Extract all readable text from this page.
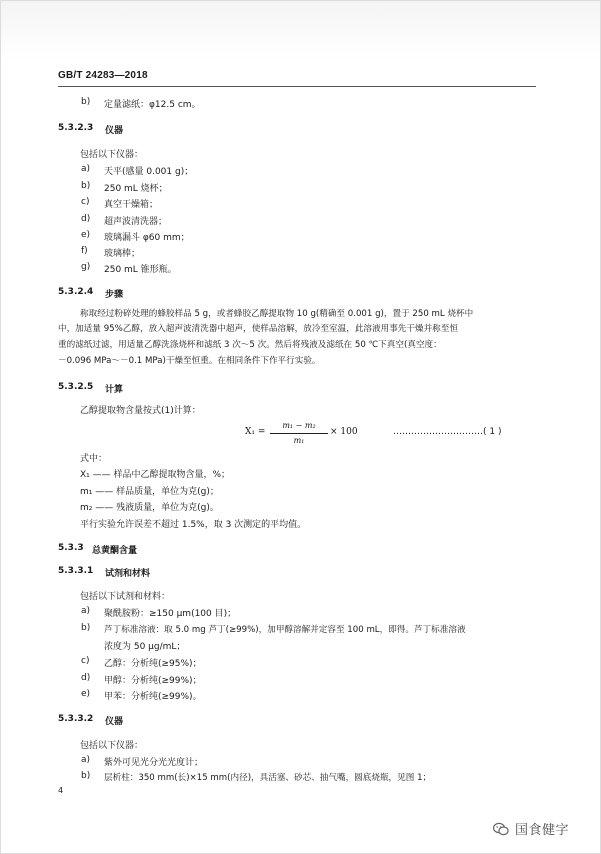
GB/T 24283—2018
b) 定量滤纸：φ12.5 cm。
5.3.2.3 仪器
包括以下仪器：
a) 天平(感量 0.001 g)；
b) 250 mL 烧杯；
c) 真空干燥箱；
d) 超声波清洗器；
e) 玻璃漏斗 φ60 mm；
f) 玻璃棒；
g) 250 mL 锥形瓶。
5.3.2.4 步骤
称取经过粉碎处理的蜂胶样品 5 g，或者蜂胶乙醇提取物 10 g(精确至 0.001 g)，置于 250 mL 烧杯中
中，加适量 95%乙醇，放入超声波清洗器中超声，使样品溶解，放冷至室温，此溶液用事先干燥并称至恒
重的滤纸过滤，用适量乙醇洗涤烧杯和滤纸 3 次～5 次。然后将残液及滤纸在 50 ℃下真空(真空度：
－0.096 MPa～－0.1 MPa)干燥至恒重。在相同条件下作平行实验。
5.3.2.5 计算
乙醇提取物含量按式(1)计算：
X₁ =
m₁ − m₂
m₁
× 100	…………………………( 1 )
式中：
X₁ —— 样品中乙醇提取物含量，%；
m₁ —— 样品质量，单位为克(g)；
m₂ —— 残液质量，单位为克(g)。
平行实验允许误差不超过 1.5%，取 3 次测定的平均值。
5.3.3 总黄酮含量
5.3.3.1 试剂和材料
包括以下试剂和材料：
a) 聚酰胺粉：≥150 μm(100 目)；
b) 芦丁标准溶液：取 5.0 mg 芦丁(≥99%)，加甲醇溶解并定容至 100 mL，即得。芦丁标准溶液
浓度为 50 μg/mL；
c) 乙醇：分析纯(≥95%)；
d) 甲醇：分析纯(≥99%)；
e) 甲苯：分析纯(≥99%)。
5.3.3.2 仪器
包括以下仪器：
a) 紫外可见光分光光度计；
b) 层析柱：350 mm(长)×15 mm(内径)，具活塞、砂芯、抽气嘴，圆底烧瓶，见图 1；
4
国食健字
